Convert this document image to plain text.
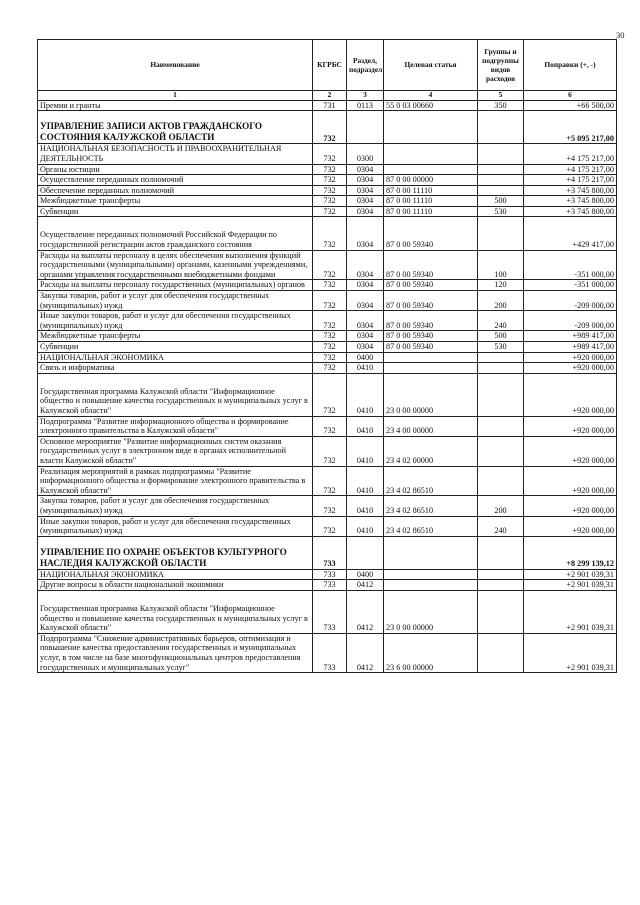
30
Наименование	КГРБС	Раздел, подраздел	Целевая статья	Группы и подгруппы видов расходов	Поправки (+, -)
1	2	3	4	5	6
Премии и гранты	731	0113	55 0 03 00660	350	+66 500,00
УПРАВЛЕНИЕ ЗАПИСИ АКТОВ ГРАЖДАНСКОГО СОСТОЯНИЯ КАЛУЖСКОЙ ОБЛАСТИ	732				+5 095 217,00
НАЦИОНАЛЬНАЯ БЕЗОПАСНОСТЬ И ПРАВООХРАНИТЕЛЬНАЯ ДЕЯТЕЛЬНОСТЬ	732	0300			+4 175 217,00
Органы юстиции	732	0304			+4 175 217,00
Осуществление переданных полномочий	732	0304	87 0 00 00000		+4 175 217,00
Обеспечение переданных полномочий	732	0304	87 0 00 11110		+3 745 800,00
Межбюджетные трансферты	732	0304	87 0 00 11110	500	+3 745 800,00
Субвенции	732	0304	87 0 00 11110	530	+3 745 800,00
Осуществление переданных полномочий Российской Федерации по государственной регистрации актов гражданского состояния	732	0304	87 0 00 59340		+429 417,00
Расходы на выплаты персоналу в целях обеспечения выполнения функций государственными (муниципальными) органами, казенными учреждениями, органами управления государственными внебюджетными фондами	732	0304	87 0 00 59340	100	-351 000,00
Расходы на выплаты персоналу государственных (муниципальных) органов	732	0304	87 0 00 59340	120	-351 000,00
Закупка товаров, работ и услуг для обеспечения государственных (муниципальных) нужд	732	0304	87 0 00 59340	200	-209 000,00
Иные закупки товаров, работ и услуг для обеспечения государственных (муниципальных) нужд	732	0304	87 0 00 59340	240	-209 000,00
Межбюджетные трансферты	732	0304	87 0 00 59340	500	+989 417,00
Субвенции	732	0304	87 0 00 59340	530	+989 417,00
НАЦИОНАЛЬНАЯ ЭКОНОМИКА	732	0400			+920 000,00
Связь и информатика	732	0410			+920 000,00
Государственная программа Калужской области "Информационное общество и повышение качества государственных и муниципальных услуг в Калужской области"	732	0410	23 0 00 00000		+920 000,00
Подпрограмма "Развитие информационного общества и формирование электронного правительства в Калужской области"	732	0410	23 4 00 00000		+920 000,00
Основное мероприятие "Развитие информационных систем оказания государственных услуг в электронном виде в органах исполнительной власти Калужской области"	732	0410	23 4 02 00000		+920 000,00
Реализация мероприятий в рамках подпрограммы "Развитие информационного общества и формирование электронного правительства в Калужской области"	732	0410	23 4 02 86510		+920 000,00
Закупка товаров, работ и услуг для обеспечения государственных (муниципальных) нужд	732	0410	23 4 02 86510	200	+920 000,00
Иные закупки товаров, работ и услуг для обеспечения государственных (муниципальных) нужд	732	0410	23 4 02 86510	240	+920 000,00
УПРАВЛЕНИЕ ПО ОХРАНЕ ОБЪЕКТОВ КУЛЬТУРНОГО НАСЛЕДИЯ КАЛУЖСКОЙ ОБЛАСТИ	733				+8 299 139,12
НАЦИОНАЛЬНАЯ ЭКОНОМИКА	733	0400			+2 901 039,31
Другие вопросы в области национальной экономики	733	0412			+2 901 039,31
Государственная программа Калужской области "Информационное общество и повышение качества государственных и муниципальных услуг в Калужской области"	733	0412	23 0 00 00000		+2 901 039,31
Подпрограмма "Снижение административных барьеров, оптимизация и повышение качества предоставления государственных и муниципальных услуг, в том числе на базе многофункциональных центров предоставления государственных и муниципальных услуг"	733	0412	23 6 00 00000		+2 901 039,31
